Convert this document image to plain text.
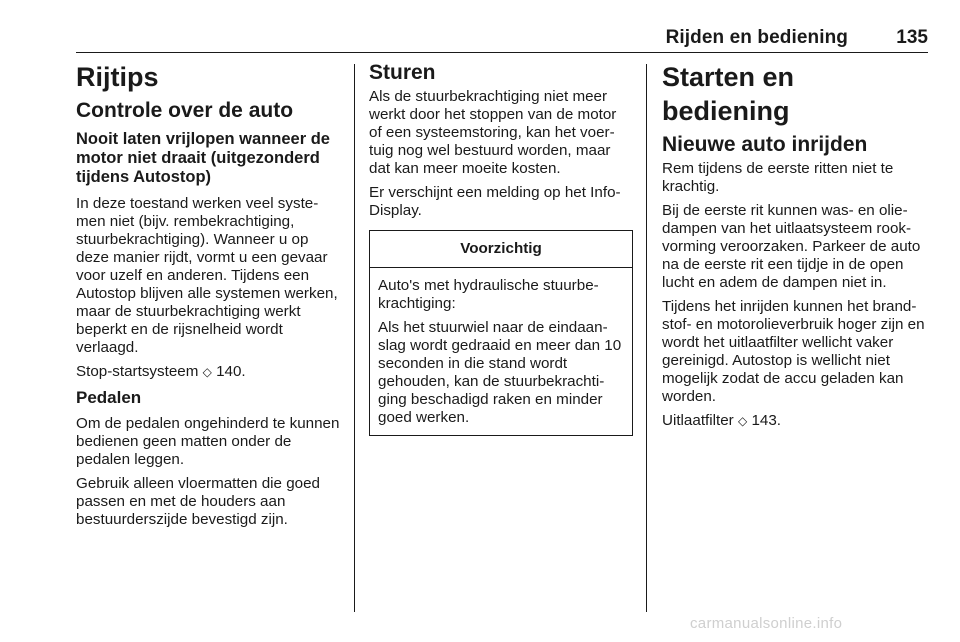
Rijden en bediening	135
Rijtips
Controle over de auto
Nooit laten vrijlopen wanneer de motor niet draait (uitgezonderd tijdens Autostop)

In deze toestand werken veel syste-men niet (bijv. rembekrachtiging, stuurbekrachtiging). Wanneer u op deze manier rijdt, vormt u een gevaar voor uzelf en anderen. Tijdens een Autostop blijven alle systemen werken, maar de stuurbekrachtiging werkt beperkt en de rijsnelheid wordt verlaagd.

Stop-startsysteem ◇ 140.

Pedalen

Om de pedalen ongehinderd te kunnen bedienen geen matten onder de pedalen leggen.

Gebruik alleen vloermatten die goed passen en met de houders aan bestuurderszijde bevestigd zijn.

Sturen

Als de stuurbekrachtiging niet meer werkt door het stoppen van de motor of een systeemstoring, kan het voer-tuig nog wel bestuurd worden, maar dat kan meer moeite kosten.

Er verschijnt een melding op het Info-Display.

Voorzichtig

Auto's met hydraulische stuurbe-krachtiging:

Als het stuurwiel naar de eindaan-slag wordt gedraaid en meer dan 10 seconden in die stand wordt gehouden, kan de stuurbekrachti-ging beschadigd raken en minder goed werken.

Starten en bediening
Nieuwe auto inrijden

Rem tijdens de eerste ritten niet te krachtig.

Bij de eerste rit kunnen was- en olie-dampen van het uitlaatsysteem rook-vorming veroorzaken. Parkeer de auto na de eerste rit een tijdje in de open lucht en adem de dampen niet in.

Tijdens het inrijden kunnen het brand-stof- en motorolieverbruik hoger zijn en wordt het uitlaatfilter wellicht vaker gereinigd. Autostop is wellicht niet mogelijk zodat de accu geladen kan worden.

Uitlaatfilter ◇ 143.

carmanualsonline.info
